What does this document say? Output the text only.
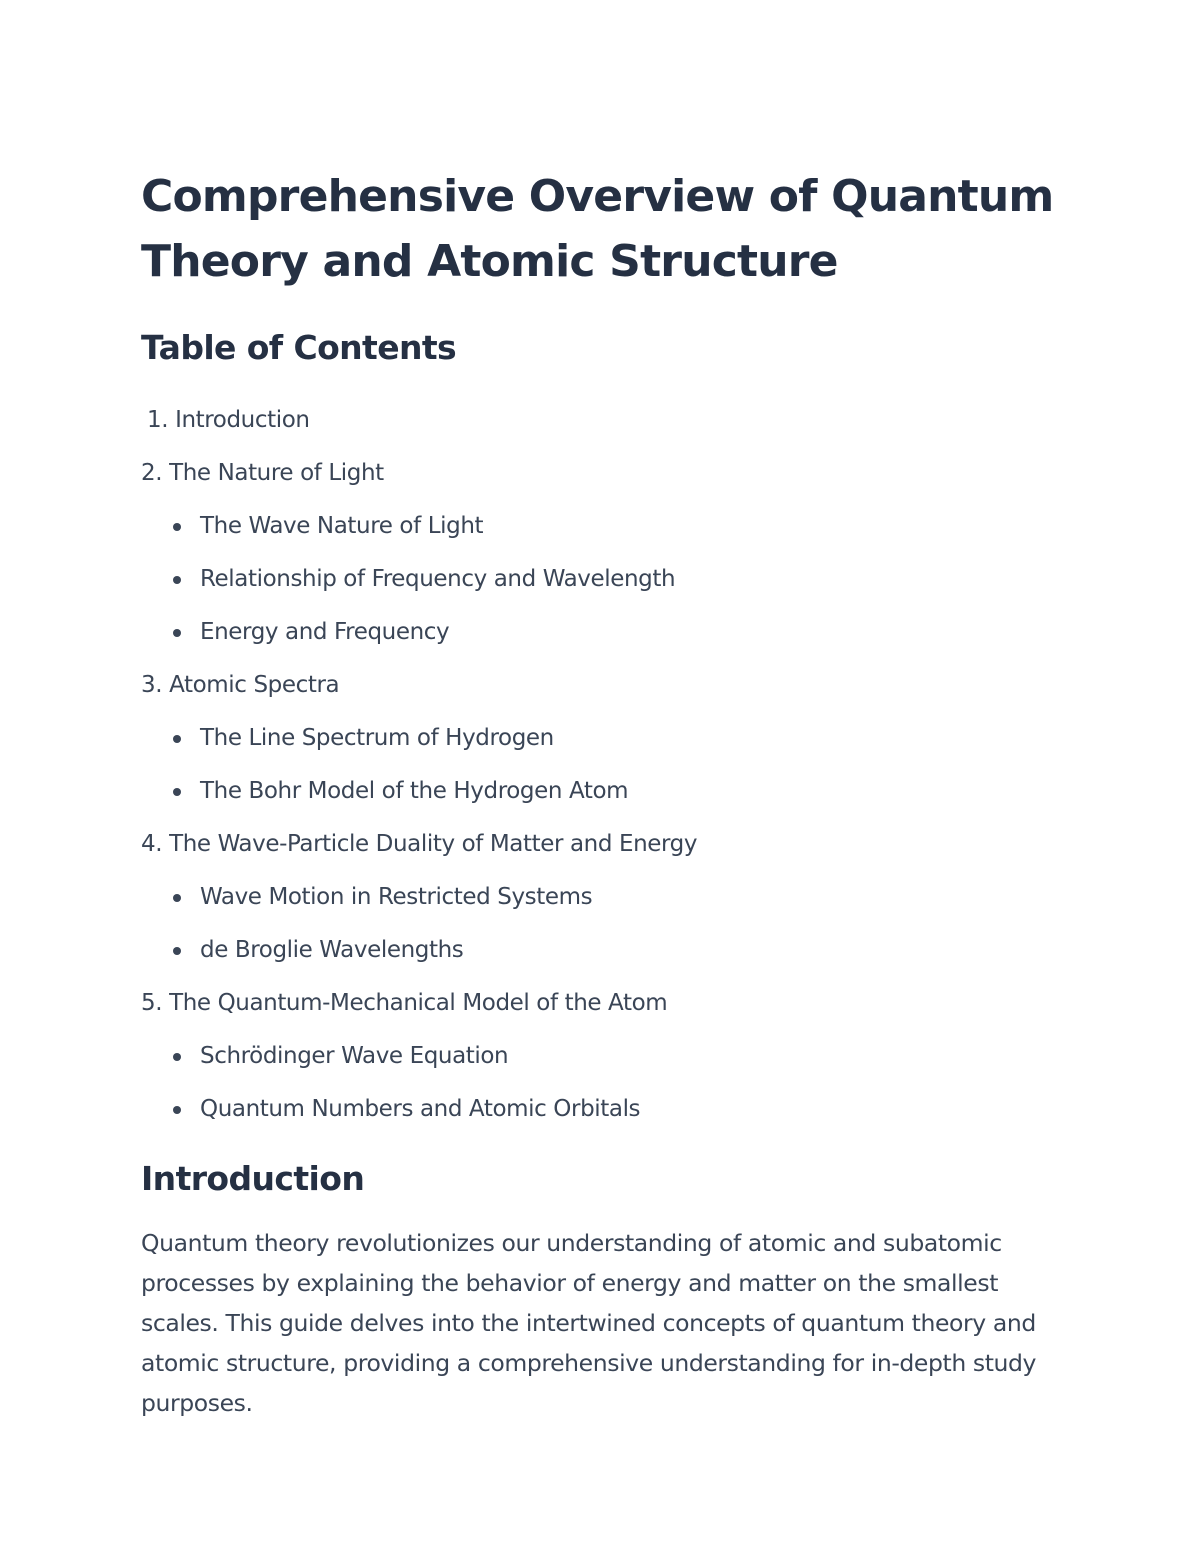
Comprehensive Overview of Quantum Theory and Atomic Structure
Table of Contents
1. Introduction
2. The Nature of Light
The Wave Nature of Light
Relationship of Frequency and Wavelength
Energy and Frequency
3. Atomic Spectra
The Line Spectrum of Hydrogen
The Bohr Model of the Hydrogen Atom
4. The Wave-Particle Duality of Matter and Energy
Wave Motion in Restricted Systems
de Broglie Wavelengths
5. The Quantum-Mechanical Model of the Atom
Schrödinger Wave Equation
Quantum Numbers and Atomic Orbitals
Introduction

Quantum theory revolutionizes our understanding of atomic and subatomic processes by explaining the behavior of energy and matter on the smallest scales. This guide delves into the intertwined concepts of quantum theory and atomic structure, providing a comprehensive understanding for in-depth study purposes.
